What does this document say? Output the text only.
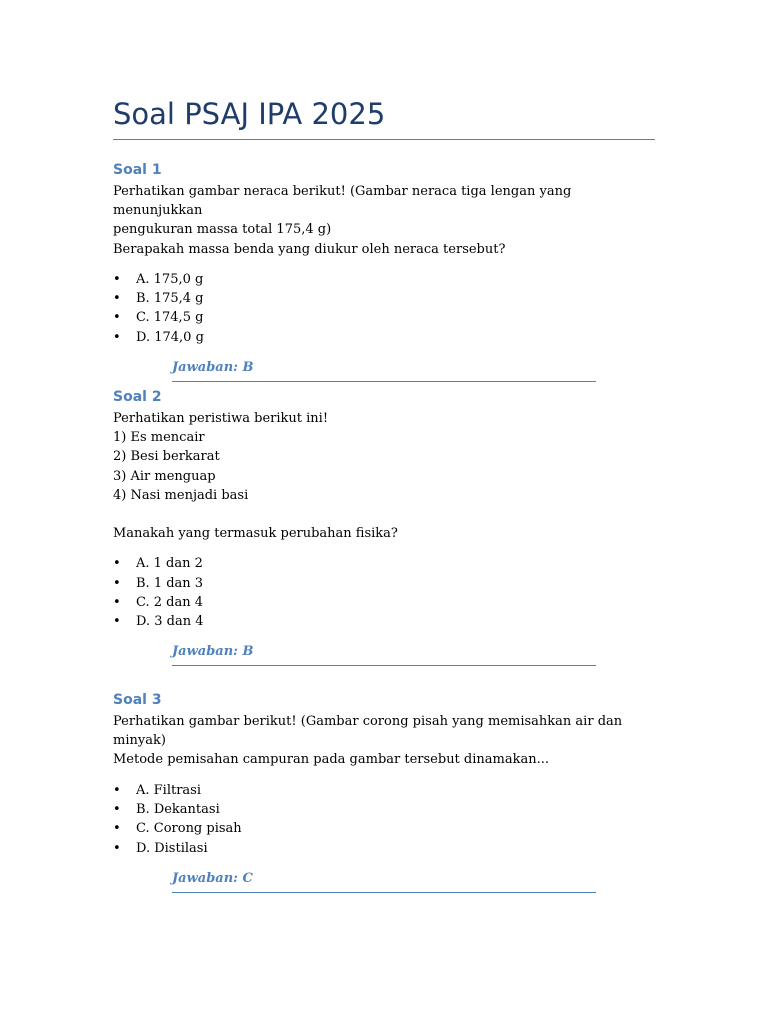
Soal PSAJ IPA 2025
Soal 1

Perhatikan gambar neraca berikut! (Gambar neraca tiga lengan yang menunjukkan

pengukuran massa total 175,4 g)

Berapakah massa benda yang diukur oleh neraca tersebut?

• A. 175,0 g
• B. 175,4 g
• C. 174,5 g
• D. 174,0 g
Jawaban: B
Soal 2

Perhatikan peristiwa berikut ini!

1) Es mencair

2) Besi berkarat

3) Air menguap

4) Nasi menjadi basi

Manakah yang termasuk perubahan fisika?

• A. 1 dan 2
• B. 1 dan 3
• C. 2 dan 4
• D. 3 dan 4
Jawaban: B
Soal 3

Perhatikan gambar berikut! (Gambar corong pisah yang memisahkan air dan minyak)

Metode pemisahan campuran pada gambar tersebut dinamakan...

• A. Filtrasi
• B. Dekantasi
• C. Corong pisah
• D. Distilasi
Jawaban: C
